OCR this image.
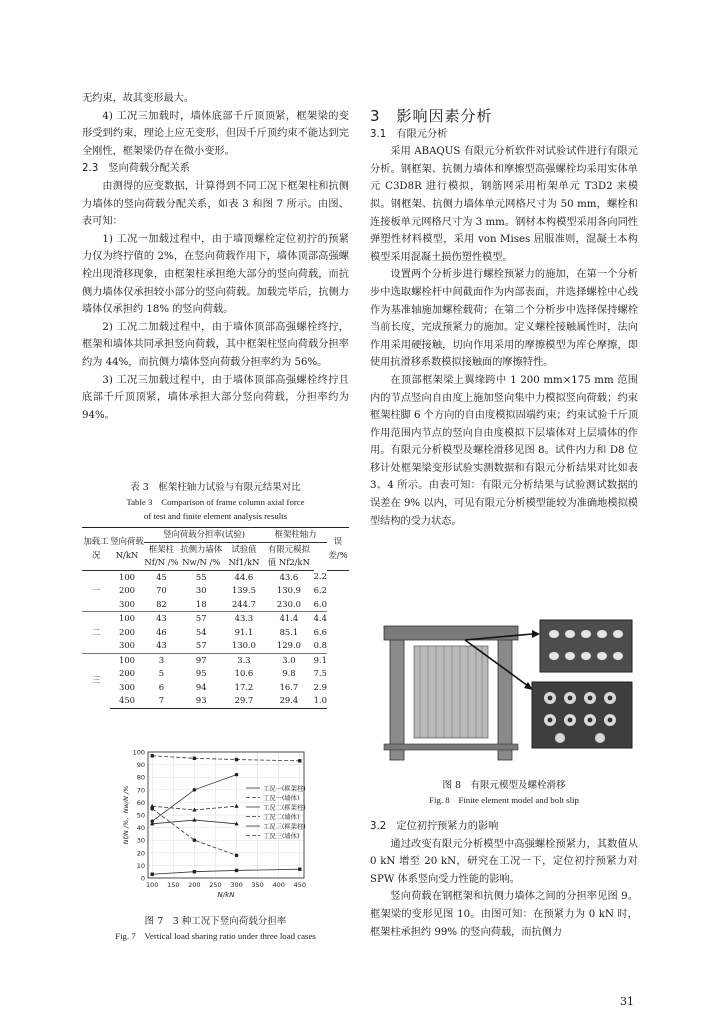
无约束，故其变形最大。

4) 工况三加载时，墙体底部千斤顶顶紧，框架梁的变形受到约束，理论上应无变形，但因千斤顶约束不能达到完全刚性，框架梁仍存在微小变形。

2.3　竖向荷载分配关系

由测得的应变数据，计算得到不同工况下框架柱和抗侧力墙体的竖向荷载分配关系，如表 3 和图 7 所示。由图、表可知：

1) 工况一加载过程中，由于墙顶螺栓定位初拧的预紧力仅为终拧值的 2%，在竖向荷载作用下，墙体顶部高强螺栓出现滑移现象，由框架柱承担绝大部分的竖向荷载，而抗侧力墙体仅承担较小部分的竖向荷载。加载完毕后，抗侧力墙体仅承担约 18% 的竖向荷载。

2) 工况二加载过程中，由于墙体顶部高强螺栓终拧，框架和墙体共同承担竖向荷载，其中框架柱竖向荷载分担率约为 44%，而抗侧力墙体竖向荷载分担率约为 56%。

3) 工况三加载过程中，由于墙体顶部高强螺栓终拧且底部千斤顶顶紧，墙体承担大部分竖向荷载，分担率约为 94%。

表 3　框架柱轴力试验与有限元结果对比

Table 3　Comparison of frame column axial force

of test and finite element analysis results

加载工况	竖向荷载 N/kN	竖向荷载分担率(试验)			框架柱轴力		误差/%
		框架柱 Nf/N /%	抗侧力墙体 Nw/N /%	试验值 Nf1/kN	有限元模拟值 Nf2/kN	
一	100	45	55	44.6	43.6	2.2	
	200	70	30	139.5	130.9	6.2	
	300	82	18	244.7	230.0	6.0	
二	100	43	57	43.3	41.4	4.4	
	200	46	54	91.1	85.1	6.6	
	300	43	57	130.0	129.0	0.8	
三	100	3	97	3.3	3.0	9.1	
	200	5	95	10.6	9.8	7.5	
	300	6	94	17.2	16.7	2.9	
	450	7	93	29.7	29.4	1.0	
0
10
20
30
40
50
60
70
80
90
100
100 150 200 250 300 350 400 450
N/kN
Nf/N /%，Nw/N /%	工况一(框架柱)
工况一(墙体)
工况二(框架柱)
工况二(墙体)
工况三(框架柱)
工况三(墙体)

图 7　3 种工况下竖向荷载分担率

Fig. 7　Vertical load sharing ratio under three load cases

3　影响因素分析

3.1　有限元分析

采用 ABAQUS 有限元分析软件对试验试件进行有限元分析。钢框架、抗侧力墙体和摩擦型高强螺栓均采用实体单元 C3D8R 进行模拟，钢筋网采用桁架单元 T3D2 来模拟。钢框架、抗侧力墙体单元网格尺寸为 50 mm，螺栓和连接板单元网格尺寸为 3 mm。钢材本构模型采用各向同性弹塑性材料模型，采用 von Mises 屈服准则，混凝土本构模型采用混凝土损伤塑性模型。

设置两个分析步进行螺栓预紧力的施加，在第一个分析步中选取螺栓杆中间截面作为内部表面，并选择螺栓中心线作为基准轴施加螺栓载荷；在第二个分析步中选择保持螺栓当前长度，完成预紧力的施加。定义螺栓接触属性时，法向作用采用硬接触，切向作用采用的摩擦模型为库仑摩擦，即使用抗滑移系数模拟接触面的摩擦特性。

在顶部框架梁上翼缘跨中 1 200 mm×175 mm 范围内的节点竖向自由度上施加竖向集中力模拟竖向荷载；约束框架柱脚 6 个方向的自由度模拟固端约束；约束试验千斤顶作用范围内节点的竖向自由度模拟下层墙体对上层墙体的作用。有限元分析模型及螺栓滑移见图 8。试件内力和 D8 位移计处框架梁变形试验实测数据和有限元分析结果对比如表 3、4 所示。由表可知：有限元分析结果与试验测试数据的误差在 9% 以内，可见有限元分析模型能较为准确地模拟模型结构的受力状态。

图 8　有限元模型及螺栓滑移

Fig. 8　Finite element model and bolt slip

3.2　定位初拧预紧力的影响

通过改变有限元分析模型中高强螺栓预紧力，其数值从 0 kN 增至 20 kN，研究在工况一下，定位初拧预紧力对 SPW 体系竖向受力性能的影响。

竖向荷载在钢框架和抗侧力墙体之间的分担率见图 9。框架梁的变形见图 10。由图可知：在预紧力为 0 kN 时，框架柱承担约 99% 的竖向荷载，而抗侧力

31
